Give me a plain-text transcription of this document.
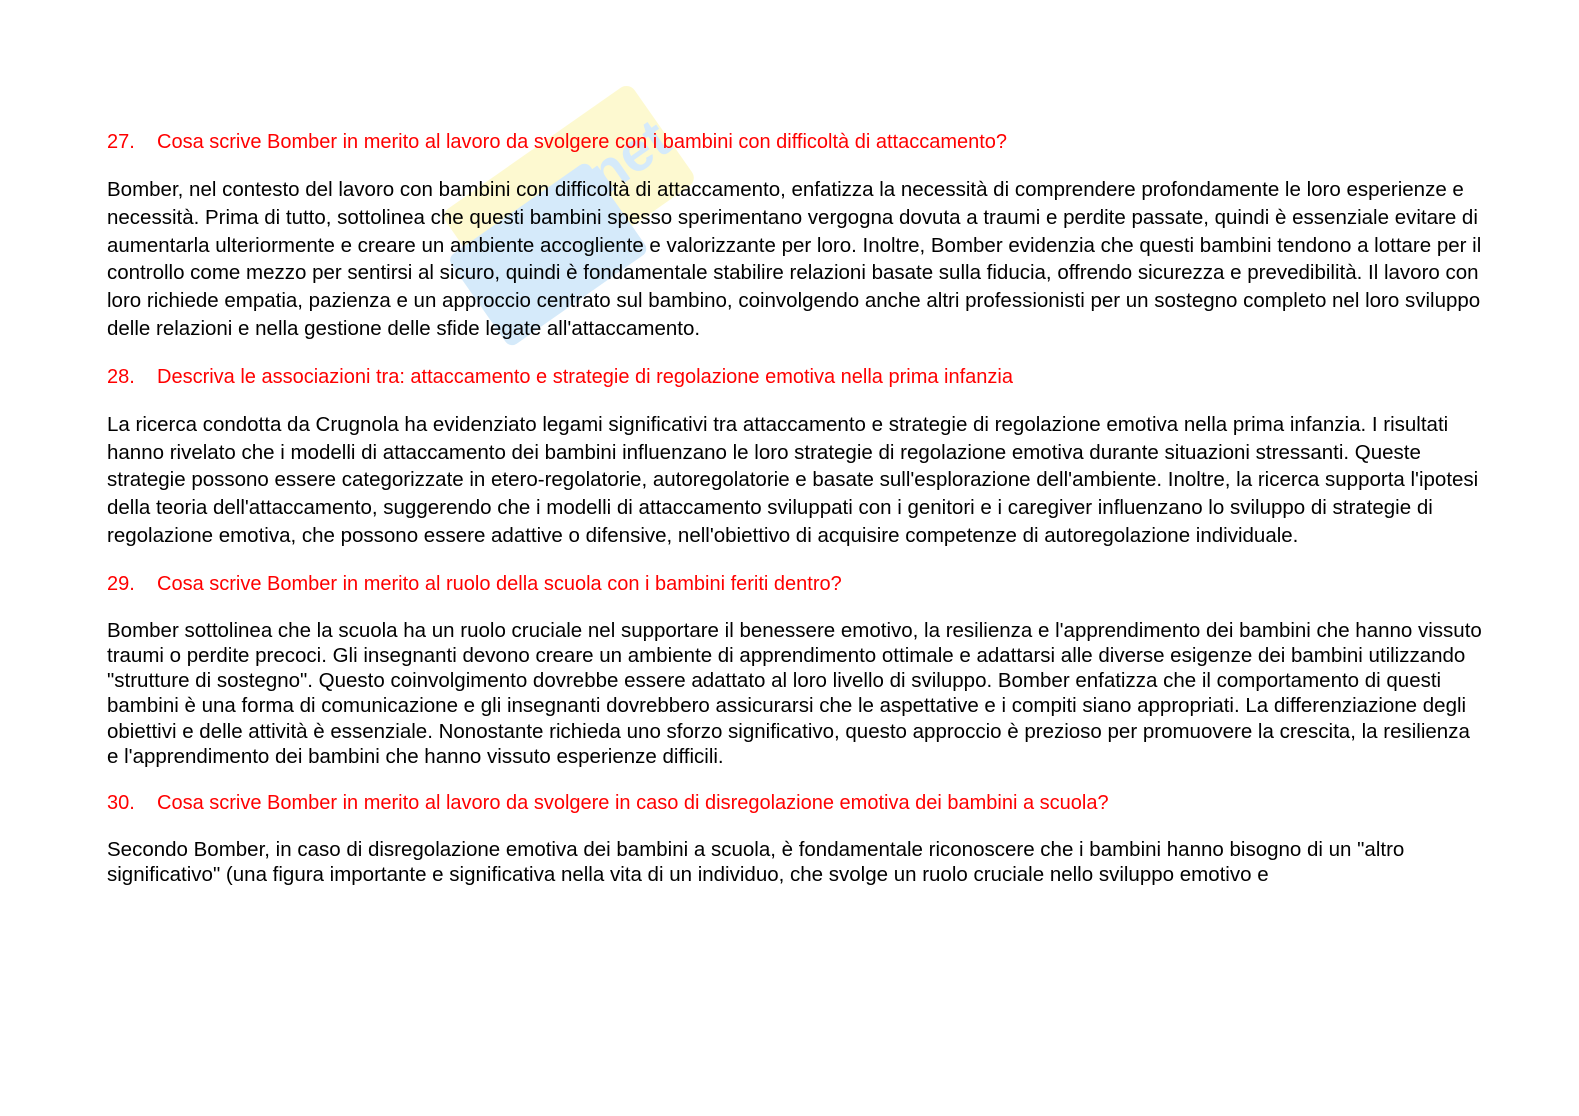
net
27.	Cosa scrive Bomber in merito al lavoro da svolgere con i bambini con difficoltà di attaccamento?

Bomber, nel contesto del lavoro con bambini con difficoltà di attaccamento, enfatizza la necessità di comprendere profondamente le loro esperienze e necessità. Prima di tutto, sottolinea che questi bambini spesso sperimentano vergogna dovuta a traumi e perdite passate, quindi è essenziale evitare di aumentarla ulteriormente e creare un ambiente accogliente e valorizzante per loro. Inoltre, Bomber evidenzia che questi bambini tendono a lottare per il controllo come mezzo per sentirsi al sicuro, quindi è fondamentale stabilire relazioni basate sulla fiducia, offrendo sicurezza e prevedibilità. Il lavoro con loro richiede empatia, pazienza e un approccio centrato sul bambino, coinvolgendo anche altri professionisti per un sostegno completo nel loro sviluppo delle relazioni e nella gestione delle sfide legate all'attaccamento.

28.	Descriva le associazioni tra: attaccamento e strategie di regolazione emotiva nella prima infanzia

La ricerca condotta da Crugnola ha evidenziato legami significativi tra attaccamento e strategie di regolazione emotiva nella prima infanzia. I risultati hanno rivelato che i modelli di attaccamento dei bambini influenzano le loro strategie di regolazione emotiva durante situazioni stressanti. Queste strategie possono essere categorizzate in etero-regolatorie, autoregolatorie e basate sull'esplorazione dell'ambiente. Inoltre, la ricerca supporta l'ipotesi della teoria dell'attaccamento, suggerendo che i modelli di attaccamento sviluppati con i genitori e i caregiver influenzano lo sviluppo di strategie di regolazione emotiva, che possono essere adattive o difensive, nell'obiettivo di acquisire competenze di autoregolazione individuale.

29.	Cosa scrive Bomber in merito al ruolo della scuola con i bambini feriti dentro?

Bomber sottolinea che la scuola ha un ruolo cruciale nel supportare il benessere emotivo, la resilienza e l'apprendimento dei bambini che hanno vissuto traumi o perdite precoci. Gli insegnanti devono creare un ambiente di apprendimento ottimale e adattarsi alle diverse esigenze dei bambini utilizzando "strutture di sostegno". Questo coinvolgimento dovrebbe essere adattato al loro livello di sviluppo. Bomber enfatizza che il comportamento di questi bambini è una forma di comunicazione e gli insegnanti dovrebbero assicurarsi che le aspettative e i compiti siano appropriati. La differenziazione degli obiettivi e delle attività è essenziale. Nonostante richieda uno sforzo significativo, questo approccio è prezioso per promuovere la crescita, la resilienza e l'apprendimento dei bambini che hanno vissuto esperienze difficili.

30.	Cosa scrive Bomber in merito al lavoro da svolgere in caso di disregolazione emotiva dei bambini a scuola?

Secondo Bomber, in caso di disregolazione emotiva dei bambini a scuola, è fondamentale riconoscere che i bambini hanno bisogno di un "altro significativo" (una figura importante e significativa nella vita di un individuo, che svolge un ruolo cruciale nello sviluppo emotivo e
